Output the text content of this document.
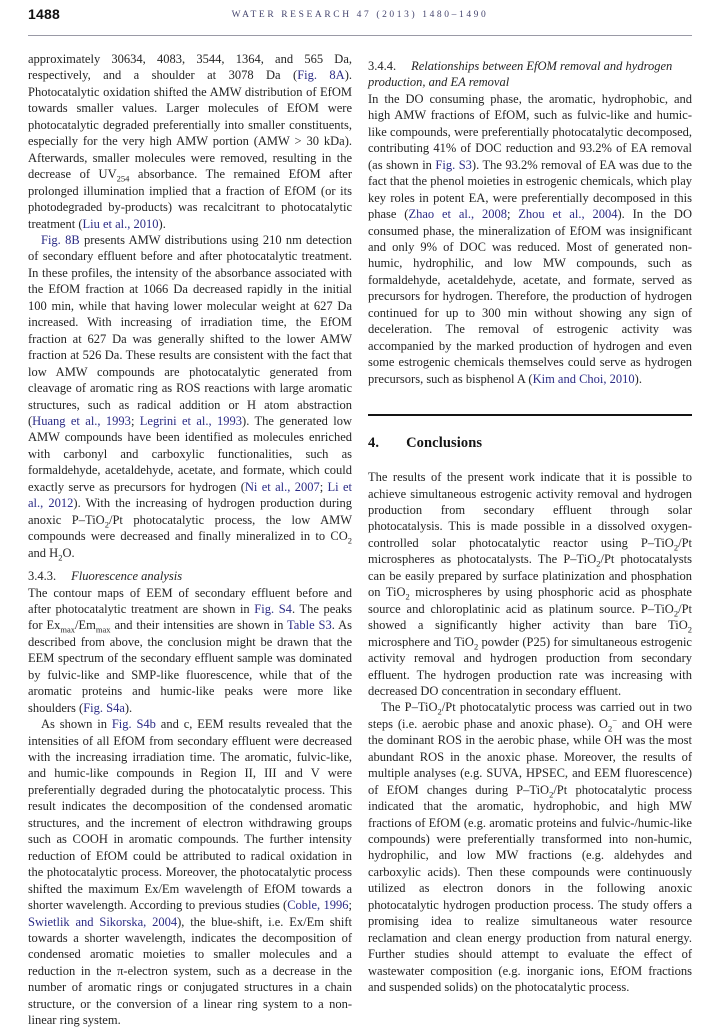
1488	WATER RESEARCH 47 (2013) 1480–1490

approximately 30634, 4083, 3544, 1364, and 565 Da, respectively, and a shoulder at 3078 Da (Fig. 8A). Photocatalytic oxidation shifted the AMW distribution of EfOM towards smaller values. Larger molecules of EfOM were photocatalytic degraded preferentially into smaller constituents, especially for the very high AMW portion (AMW > 30 kDa). Afterwards, smaller molecules were removed, resulting in the decrease of $UV_{254}$ absorbance. The remained EfOM after prolonged illumination implied that a fraction of EfOM (or its photodegraded by-products) was recalcitrant to photocatalytic treatment (Liu et al., 2010).

Fig. 8B presents AMW distributions using 210 nm detection of secondary effluent before and after photocatalytic treatment. In these profiles, the intensity of the absorbance associated with the EfOM fraction at 1066 Da decreased rapidly in the initial 100 min, while that having lower molecular weight at 627 Da increased. With increasing of irradiation time, the EfOM fraction at 627 Da was generally shifted to the lower AMW fraction at 526 Da. These results are consistent with the fact that low AMW compounds are photocatalytic generated from cleavage of aromatic ring as ROS reactions with large aromatic structures, such as radical addition or H atom abstraction (Huang et al., 1993; Legrini et al., 1993). The generated low AMW compounds have been identified as molecules enriched with carbonyl and carboxylic functionalities, such as formaldehyde, acetaldehyde, acetate, and formate, which could exactly serve as precursors for hydrogen (Ni et al., 2007; Li et al., 2012). With the increasing of hydrogen production during anoxic P–TiO$_2$/Pt photocatalytic process, the low AMW compounds were decreased and finally mineralized in to $CO_2$ and $H_2O$.

3.4.3. Fluorescence analysis

The contour maps of EEM of secondary effluent before and after photocatalytic treatment are shown in Fig. S4. The peaks for $Ex_{max}/Em_{max}$ and their intensities are shown in Table S3. As described from above, the conclusion might be drawn that the EEM spectrum of the secondary effluent sample was dominated by fulvic-like and SMP-like fluorescence, while that of the aromatic proteins and humic-like peaks were more like shoulders (Fig. S4a).

As shown in Fig. S4b and c, EEM results revealed that the intensities of all EfOM from secondary effluent were decreased with the increasing irradiation time. The aromatic, fulvic-like, and humic-like compounds in Region II, III and V were preferentially degraded during the photocatalytic process. This result indicates the decomposition of the condensed aromatic structures, and the increment of electron withdrawing groups such as COOH in aromatic compounds. The further intensity reduction of EfOM could be attributed to radical oxidation in the photocatalytic process. Moreover, the photocatalytic process shifted the maximum Ex/Em wavelength of EfOM towards a shorter wavelength. According to previous studies (Coble, 1996; Swietlik and Sikorska, 2004), the blue-shift, i.e. Ex/Em shift towards a shorter wavelength, indicates the decomposition of condensed aromatic moieties to smaller molecules and a reduction in the π-electron system, such as a decrease in the number of aromatic rings or conjugated structures in a chain structure, or the conversion of a linear ring system to a non-linear ring system.

3.4.4. Relationships between EfOM removal and hydrogen production, and EA removal

In the DO consuming phase, the aromatic, hydrophobic, and high AMW fractions of EfOM, such as fulvic-like and humic-like compounds, were preferentially photocatalytic decomposed, contributing 41% of DOC reduction and 93.2% of EA removal (as shown in Fig. S3). The 93.2% removal of EA was due to the fact that the phenol moieties in estrogenic chemicals, which play key roles in potent EA, were preferentially decomposed in this phase (Zhao et al., 2008; Zhou et al., 2004). In the DO consumed phase, the mineralization of EfOM was insignificant and only 9% of DOC was reduced. Most of generated non-humic, hydrophilic, and low MW compounds, such as formaldehyde, acetaldehyde, acetate, and formate, served as precursors for hydrogen. Therefore, the production of hydrogen continued for up to 300 min without showing any sign of deceleration. The removal of estrogenic activity was accompanied by the marked production of hydrogen and even some estrogenic chemicals themselves could serve as hydrogen precursors, such as bisphenol A (Kim and Choi, 2010).

4. Conclusions

The results of the present work indicate that it is possible to achieve simultaneous estrogenic activity removal and hydrogen production from secondary effluent through solar photocatalysis. This is made possible in a dissolved oxygen-controlled solar photocatalytic reactor using P–TiO$_2$/Pt microspheres as photocatalysts. The P–TiO$_2$/Pt photocatalysts can be easily prepared by surface platinization and phosphation on TiO$_2$ microspheres by using phosphoric acid as phosphate source and chloroplatinic acid as platinum source. P–TiO$_2$/Pt showed a significantly higher activity than bare TiO$_2$ microsphere and TiO$_2$ powder (P25) for simultaneous estrogenic activity removal and hydrogen production from secondary effluent. The hydrogen production rate was increasing with decreased DO concentration in secondary effluent.

The P–TiO$_2$/Pt photocatalytic process was carried out in two steps (i.e. aerobic phase and anoxic phase). $O_2^-$ and OH were the dominant ROS in the aerobic phase, while OH was the most abundant ROS in the anoxic phase. Moreover, the results of multiple analyses (e.g. SUVA, HPSEC, and EEM fluorescence) of EfOM changes during P–TiO$_2$/Pt photocatalytic process indicated that the aromatic, hydrophobic, and high MW fractions of EfOM (e.g. aromatic proteins and fulvic-/humic-like compounds) were preferentially transformed into non-humic, hydrophilic, and low MW fractions (e.g. aldehydes and carboxylic acids). Then these compounds were continuously utilized as electron donors in the following anoxic photocatalytic hydrogen production process. The study offers a promising idea to realize simultaneous water resource reclamation and clean energy production from natural energy. Further studies should attempt to evaluate the effect of wastewater composition (e.g. inorganic ions, EfOM fractions and suspended solids) on the photocatalytic process.
